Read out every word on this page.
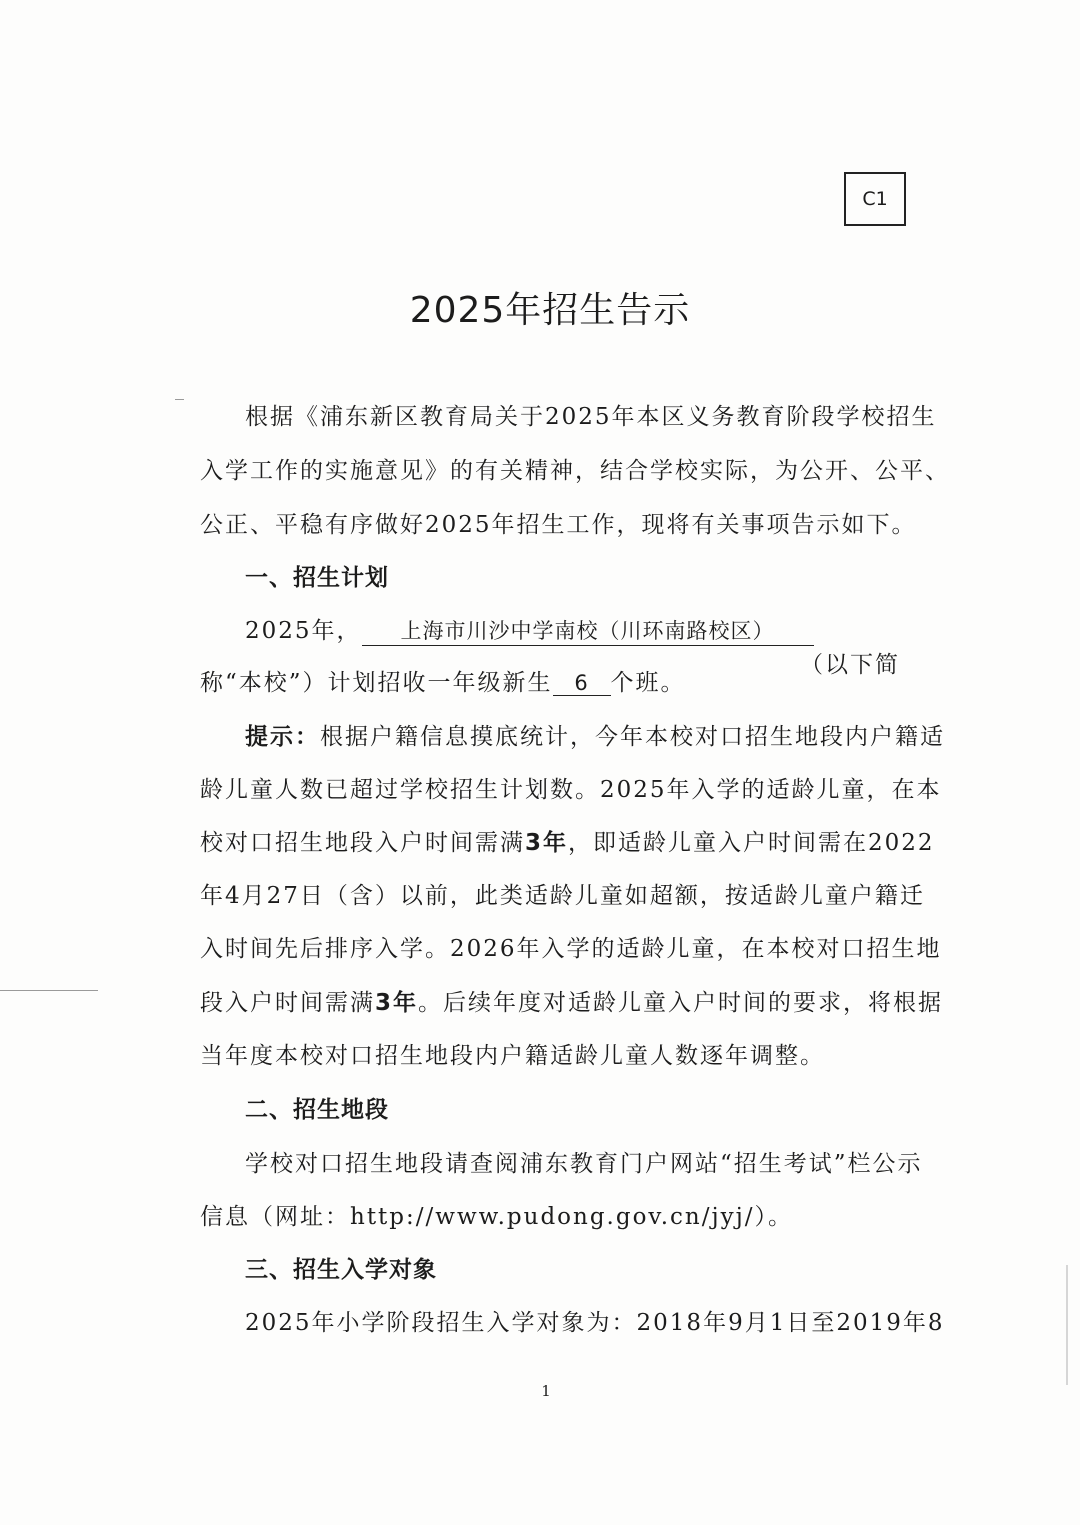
C1
2025年招生告示
根据《浦东新区教育局关于2025年本区义务教育阶段学校招生
入学工作的实施意见》的有关精神，结合学校实际，为公开、公平、
公正、平稳有序做好2025年招生工作，现将有关事项告示如下。
一、招生计划
2025年， 上海市川沙中学南校（川环南路校区）
（以下简
称“本校”）计划招收一年级新生 6 个班。
提示：根据户籍信息摸底统计，今年本校对口招生地段内户籍适
龄儿童人数已超过学校招生计划数。2025年入学的适龄儿童，在本
校对口招生地段入户时间需满3年，即适龄儿童入户时间需在2022
年4月27日（含）以前，此类适龄儿童如超额，按适龄儿童户籍迁
入时间先后排序入学。2026年入学的适龄儿童，在本校对口招生地
段入户时间需满3年。后续年度对适龄儿童入户时间的要求，将根据
当年度本校对口招生地段内户籍适龄儿童人数逐年调整。
二、招生地段
学校对口招生地段请查阅浦东教育门户网站“招生考试”栏公示
信息（网址：http://www.pudong.gov.cn/jyj/）。
三、招生入学对象
2025年小学阶段招生入学对象为：2018年9月1日至2019年8
1
